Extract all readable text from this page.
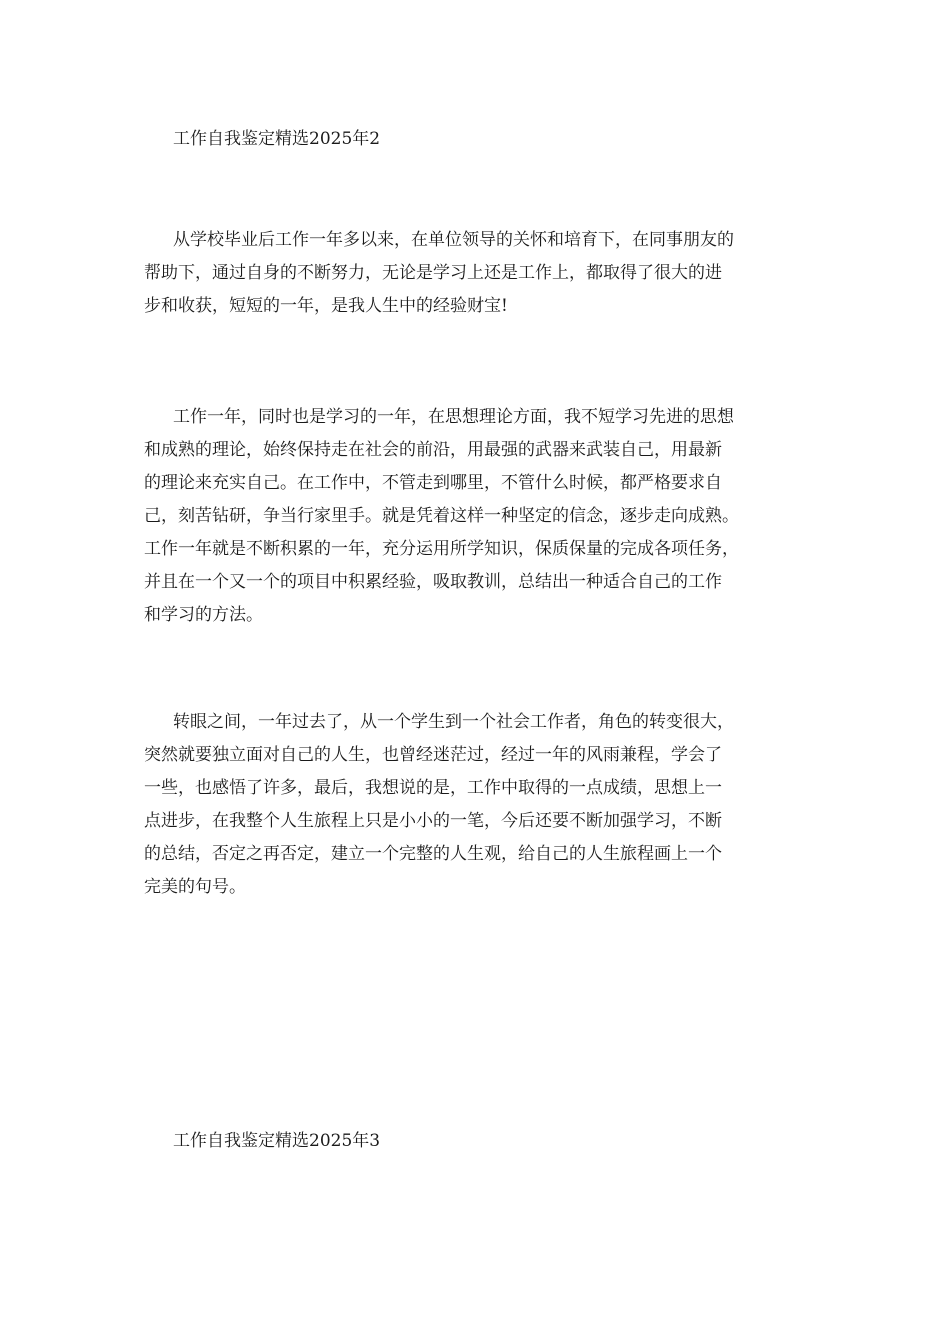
工作自我鉴定精选2025年2
从学校毕业后工作一年多以来，在单位领导的关怀和培育下，在同事朋友的
帮助下，通过自身的不断努力，无论是学习上还是工作上，都取得了很大的进
步和收获，短短的一年，是我人生中的经验财宝!
工作一年，同时也是学习的一年，在思想理论方面，我不短学习先进的思想
和成熟的理论，始终保持走在社会的前沿，用最强的武器来武装自己，用最新
的理论来充实自己。在工作中，不管走到哪里，不管什么时候，都严格要求自
己，刻苦钻研，争当行家里手。就是凭着这样一种坚定的信念，逐步走向成熟。
工作一年就是不断积累的一年，充分运用所学知识，保质保量的完成各项任务，
并且在一个又一个的项目中积累经验，吸取教训，总结出一种适合自己的工作
和学习的方法。
转眼之间，一年过去了，从一个学生到一个社会工作者，角色的转变很大，
突然就要独立面对自己的人生，也曾经迷茫过，经过一年的风雨兼程，学会了
一些，也感悟了许多，最后，我想说的是，工作中取得的一点成绩，思想上一
点进步，在我整个人生旅程上只是小小的一笔，今后还要不断加强学习，不断
的总结，否定之再否定，建立一个完整的人生观，给自己的人生旅程画上一个
完美的句号。
工作自我鉴定精选2025年3
